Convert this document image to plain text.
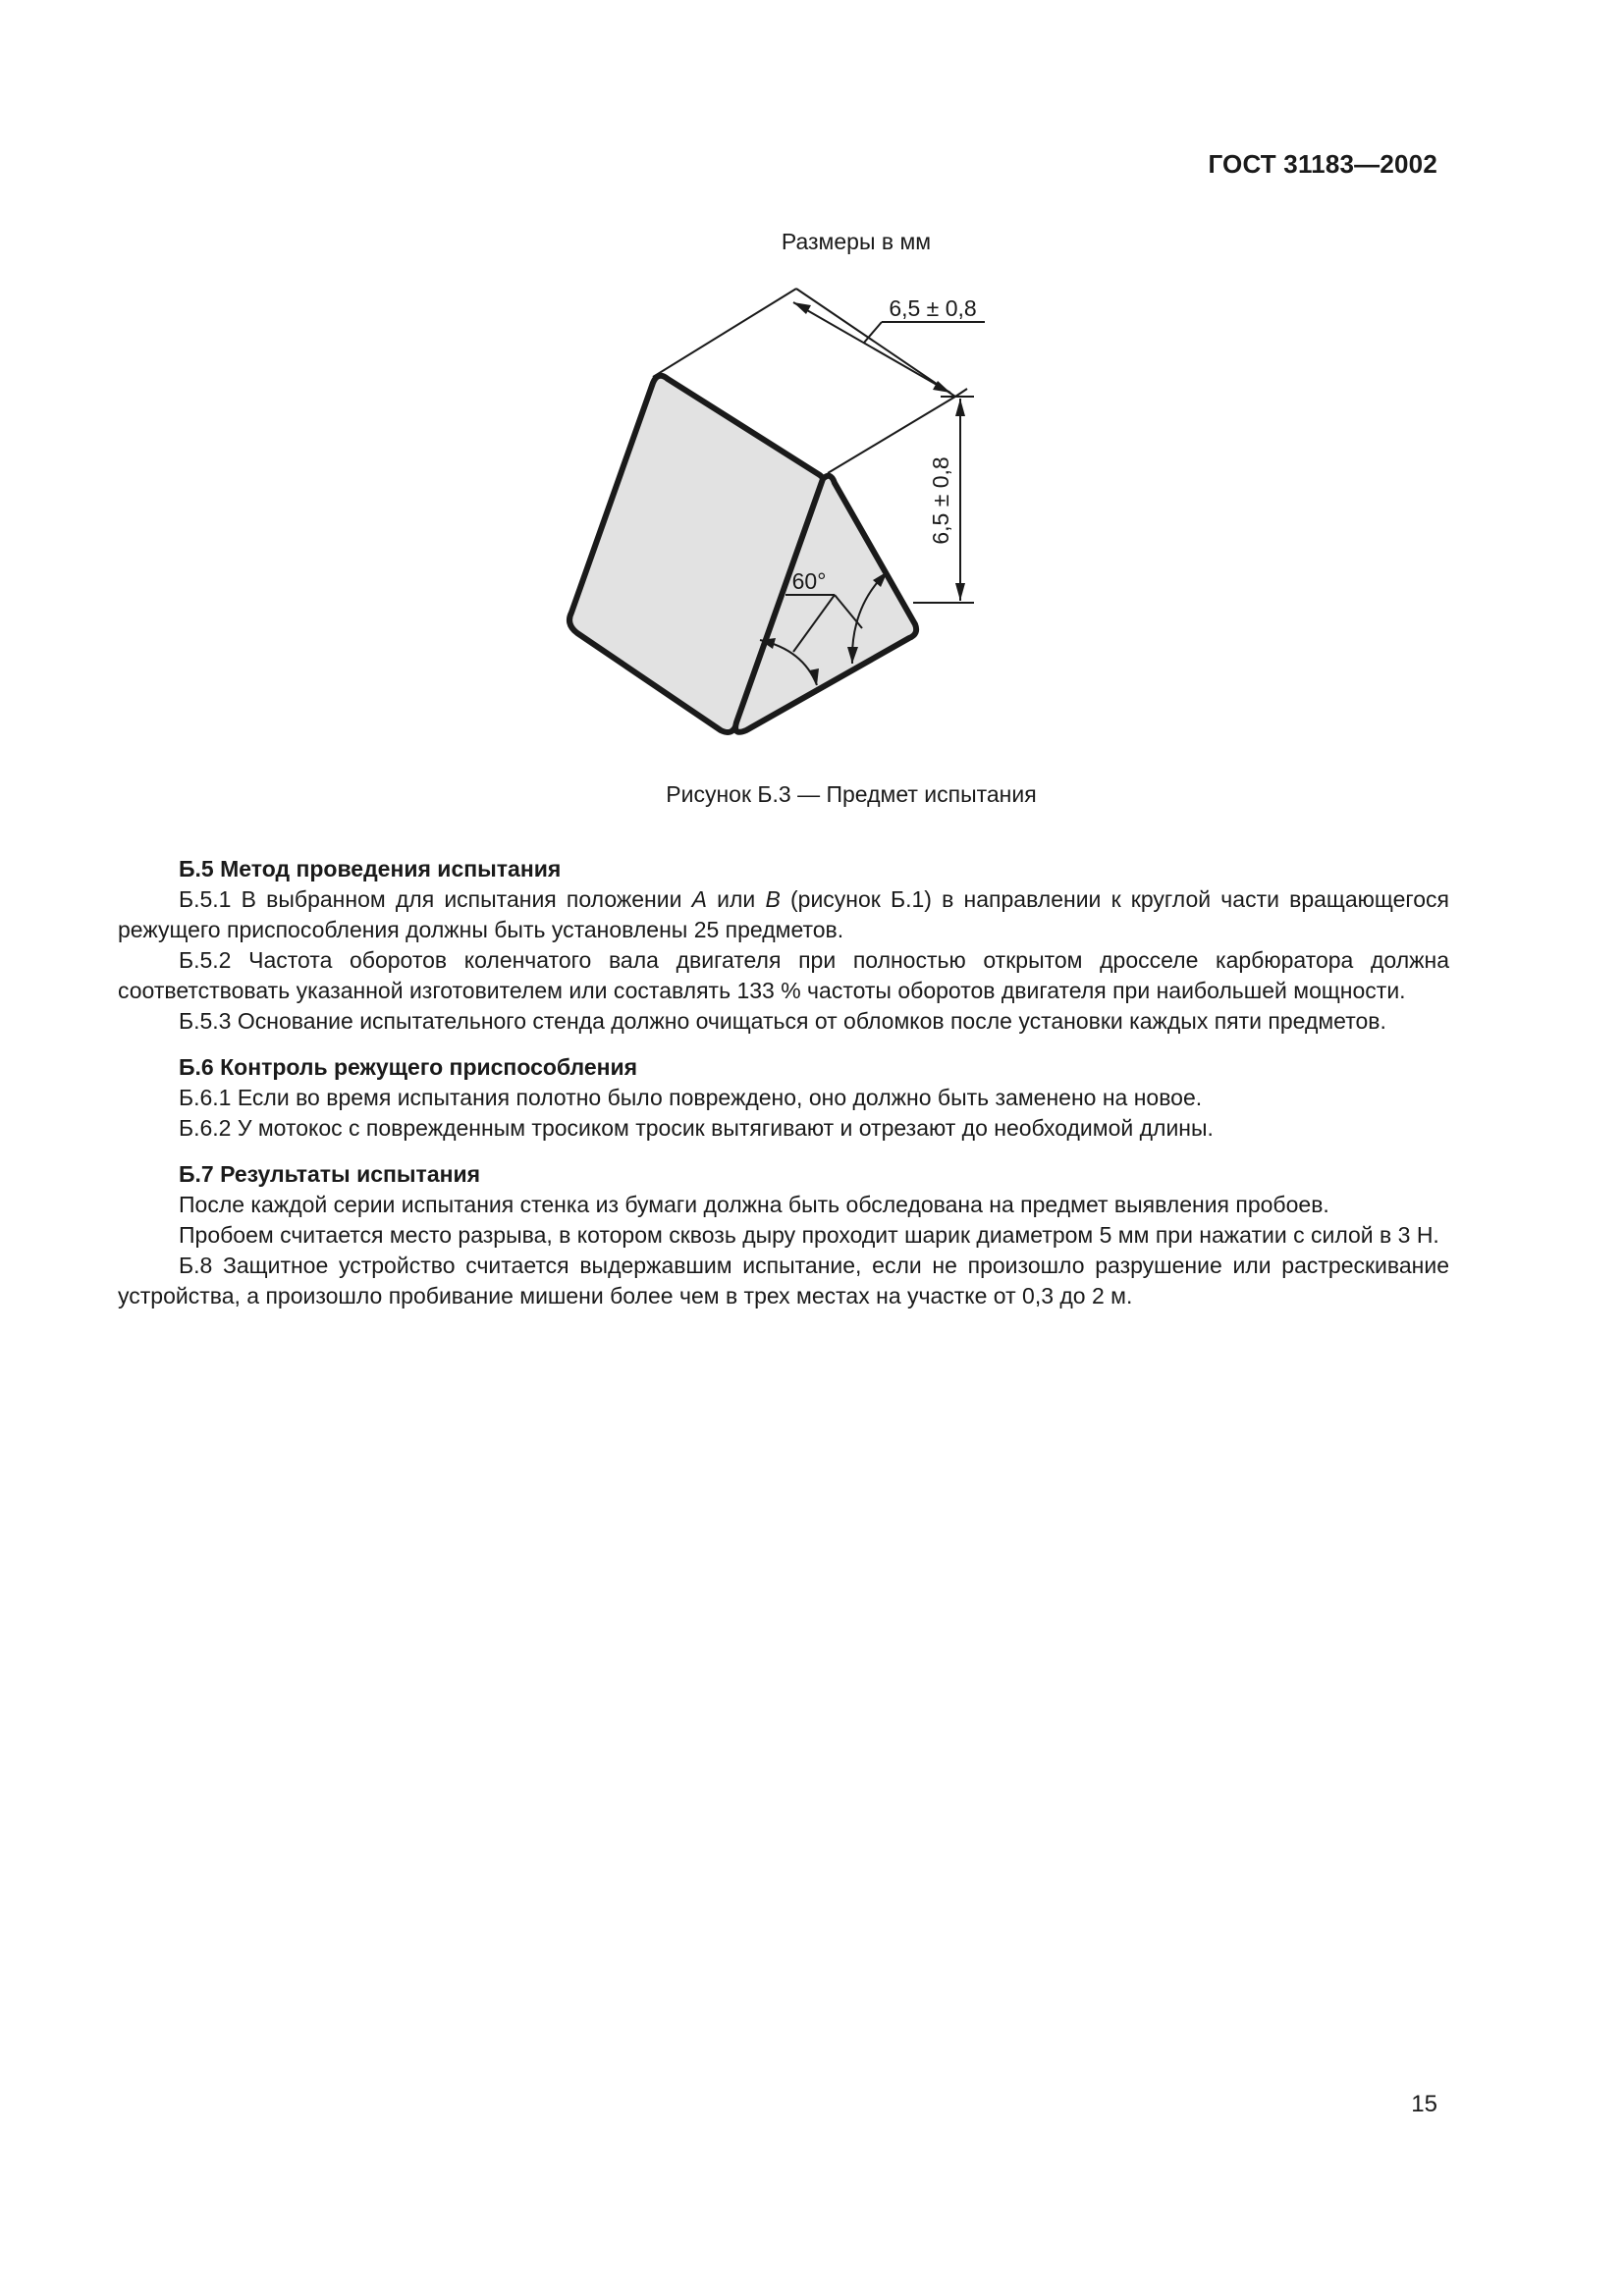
ГОСТ 31183—2002
Размеры в мм
6,5 ± 0,8
6,5 ± 0,8
60°
Рисунок Б.3 — Предмет испытания
Б.5 Метод проведения испытания

Б.5.1 В выбранном для испытания положении А или В (рисунок Б.1) в направлении к круглой части вращающегося режущего приспособления должны быть установлены 25 предметов.

Б.5.2 Частота оборотов коленчатого вала двигателя при полностью открытом дросселе карбюратора должна соответствовать указанной изготовителем или составлять 133 % частоты оборотов двигателя при наибольшей мощности.

Б.5.3 Основание испытательного стенда должно очищаться от обломков после установки каждых пяти предметов.

Б.6 Контроль режущего приспособления

Б.6.1 Если во время испытания полотно было повреждено, оно должно быть заменено на новое.

Б.6.2 У мотокос с поврежденным тросиком тросик вытягивают и отрезают до необходимой длины.

Б.7 Результаты испытания

После каждой серии испытания стенка из бумаги должна быть обследована на предмет выявления пробоев.

Пробоем считается место разрыва, в котором сквозь дыру проходит шарик диаметром 5 мм при нажатии с силой в 3 Н.

Б.8 Защитное устройство считается выдержавшим испытание, если не произошло разрушение или растрескивание устройства, а произошло пробивание мишени более чем в трех местах на участке от 0,3 до 2 м.

15
